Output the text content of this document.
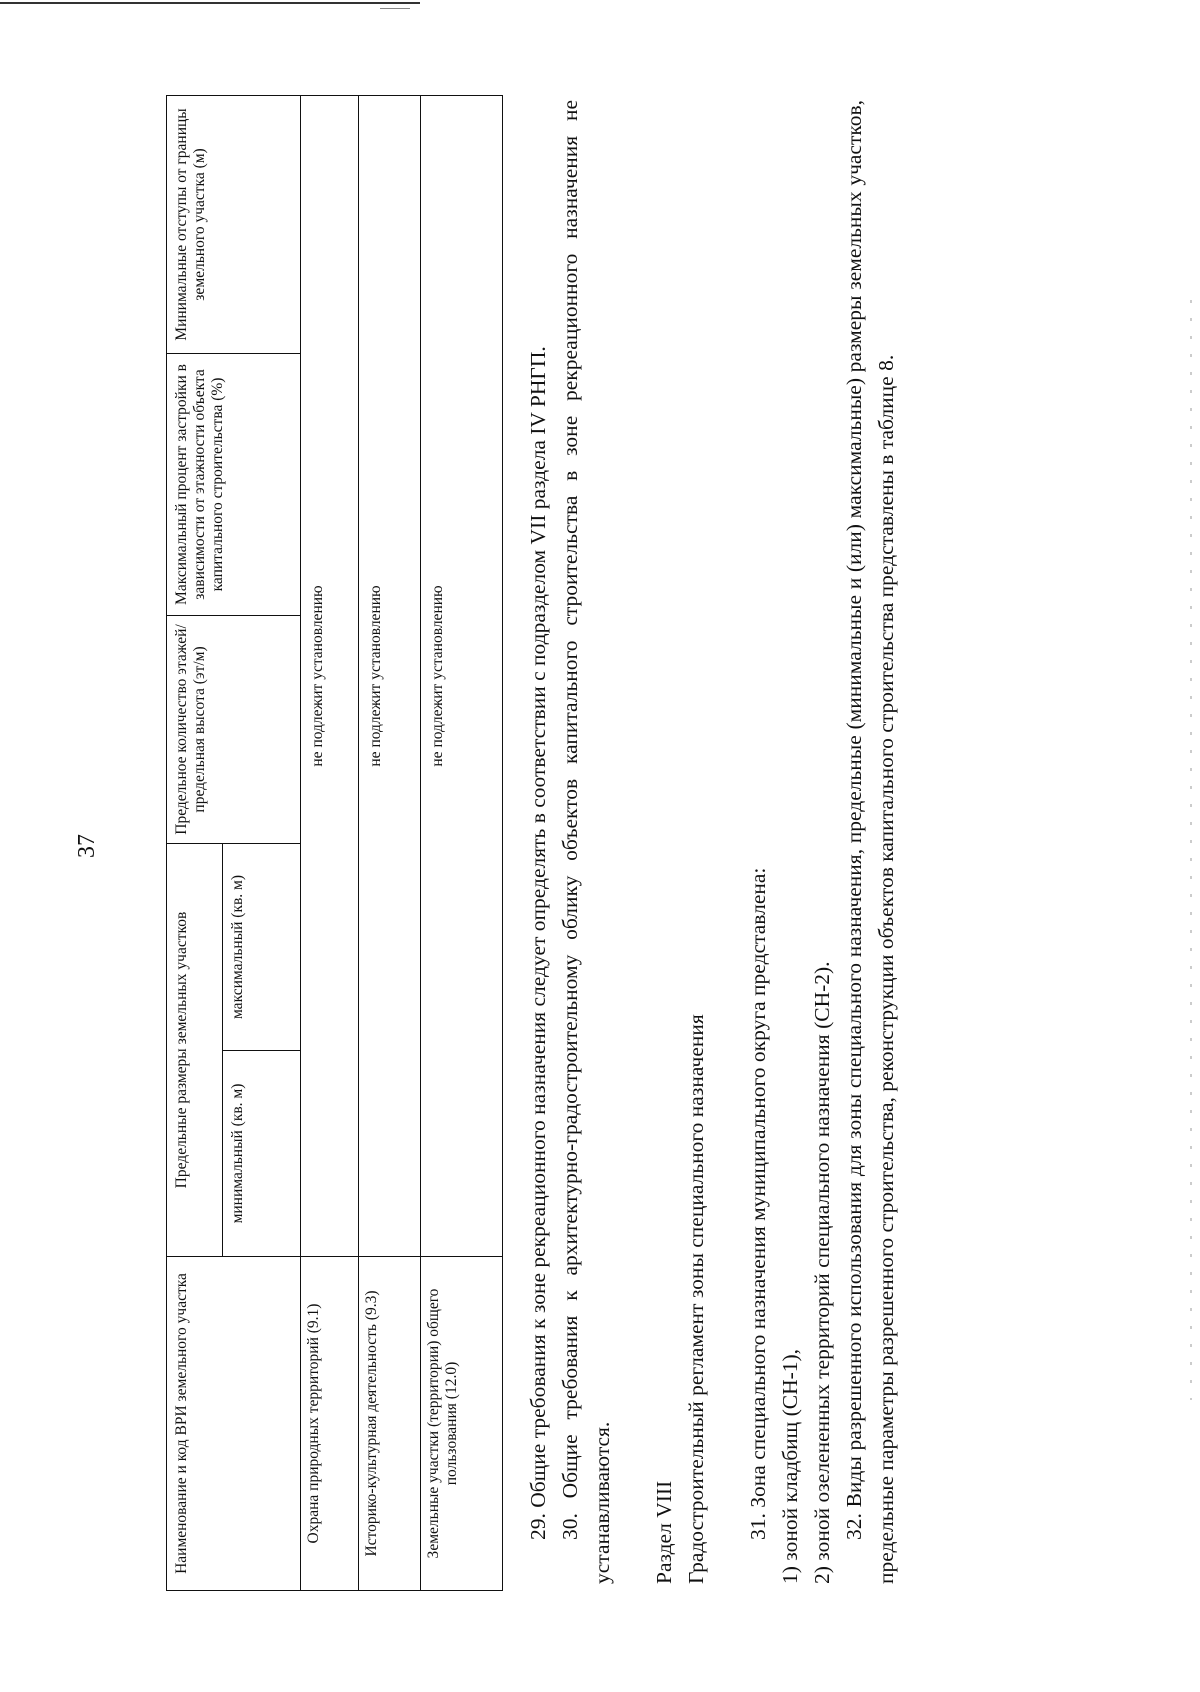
37
Наименование и код ВРИ земельного участка	Предельные размеры земельных участков		Предельное количество этажей/ предельная высота (эт/м)	Максимальный процент застройки в зависимости от этажности объекта капитального строительства (%)	Минимальные отступы от границы земельного участка (м)
	минимальный (кв. м)	максимальный (кв. м)			
Охрана природных территорий (9.1)	не подлежит установлению				
Историко-культурная деятельность (9.3)	не подлежит установлению				
Земельные участки (территории) общего пользования (12.0)	не подлежит установлению					29. Общие требования к зоне рекреационного назначения следует определять в соответствии с подразделом VII раздела IV РНГП. 30. Общие требования к архитектурно-градостроительному облику объектов капитального строительства в зоне рекреационного назначения не устанавливаются. Раздел VIII Градостроительный регламент зоны специального назначения 31. Зона специального назначения муниципального округа представлена: 1) зоной кладбищ (СН-1), 2) зоной озелененных территорий специального назначения (СН-2). 32. Виды разрешенного использования для зоны специального назначения, предельные (минимальные и (или) максимальные) размеры земельных участков, предельные параметры разрешенного строительства, реконструкции объектов капитального строительства представлены в таблице 8.
